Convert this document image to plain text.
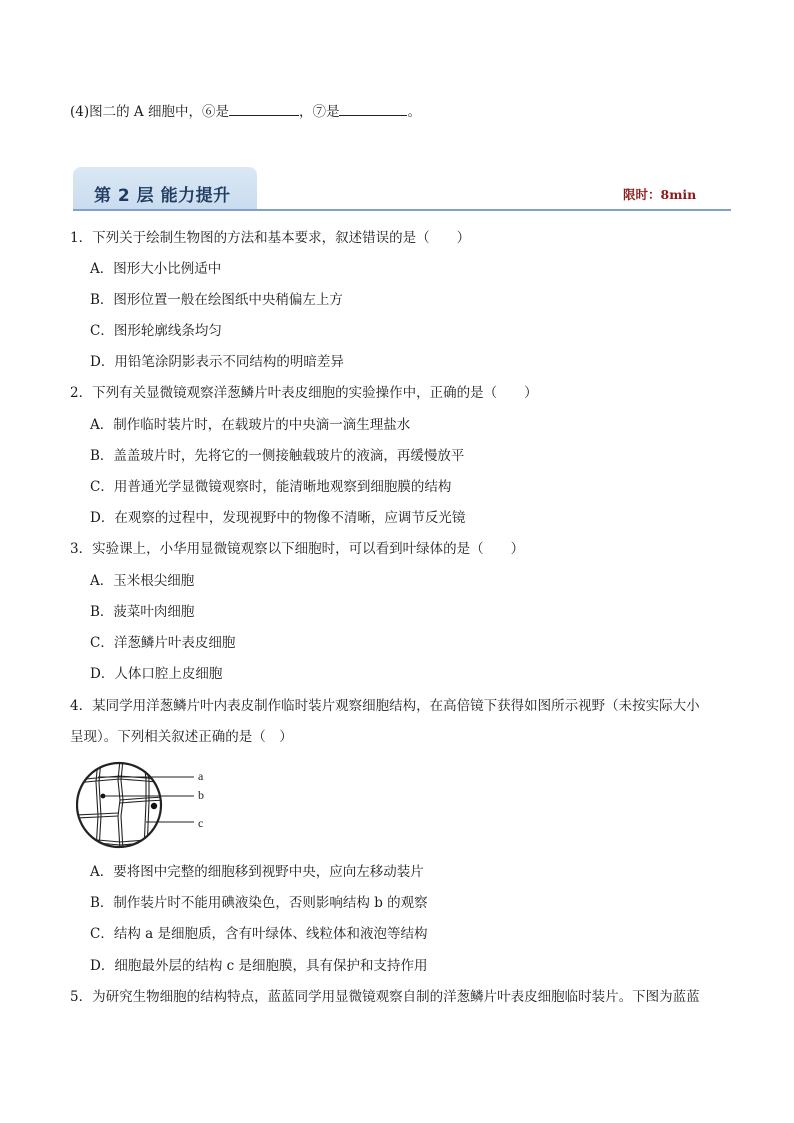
(4)图二的 A 细胞中，⑥是	，⑦是	。
第 2 层 能力提升	限时：8min
1．下列关于绘制生物图的方法和基本要求，叙述错误的是（　　）
A．图形大小比例适中
B．图形位置一般在绘图纸中央稍偏左上方
C．图形轮廓线条均匀
D．用铅笔涂阴影表示不同结构的明暗差异
2．下列有关显微镜观察洋葱鳞片叶表皮细胞的实验操作中，正确的是（　　）
A．制作临时装片时，在载玻片的中央滴一滴生理盐水
B．盖盖玻片时，先将它的一侧接触载玻片的液滴，再缓慢放平
C．用普通光学显微镜观察时，能清晰地观察到细胞膜的结构
D．在观察的过程中，发现视野中的物像不清晰，应调节反光镜
3．实验课上，小华用显微镜观察以下细胞时，可以看到叶绿体的是（　　）
A．玉米根尖细胞
B．菠菜叶肉细胞
C．洋葱鳞片叶表皮细胞
D．人体口腔上皮细胞
4．某同学用洋葱鳞片叶内表皮制作临时装片观察细胞结构，在高倍镜下获得如图所示视野（未按实际大小
呈现）。下列相关叙述正确的是（　）
a
b
c
A．要将图中完整的细胞移到视野中央，应向左移动装片
B．制作装片时不能用碘液染色，否则影响结构 b 的观察
C．结构 a 是细胞质，含有叶绿体、线粒体和液泡等结构
D．细胞最外层的结构 c 是细胞膜，具有保护和支持作用
5．为研究生物细胞的结构特点，蓝蓝同学用显微镜观察自制的洋葱鳞片叶表皮细胞临时装片。下图为蓝蓝
